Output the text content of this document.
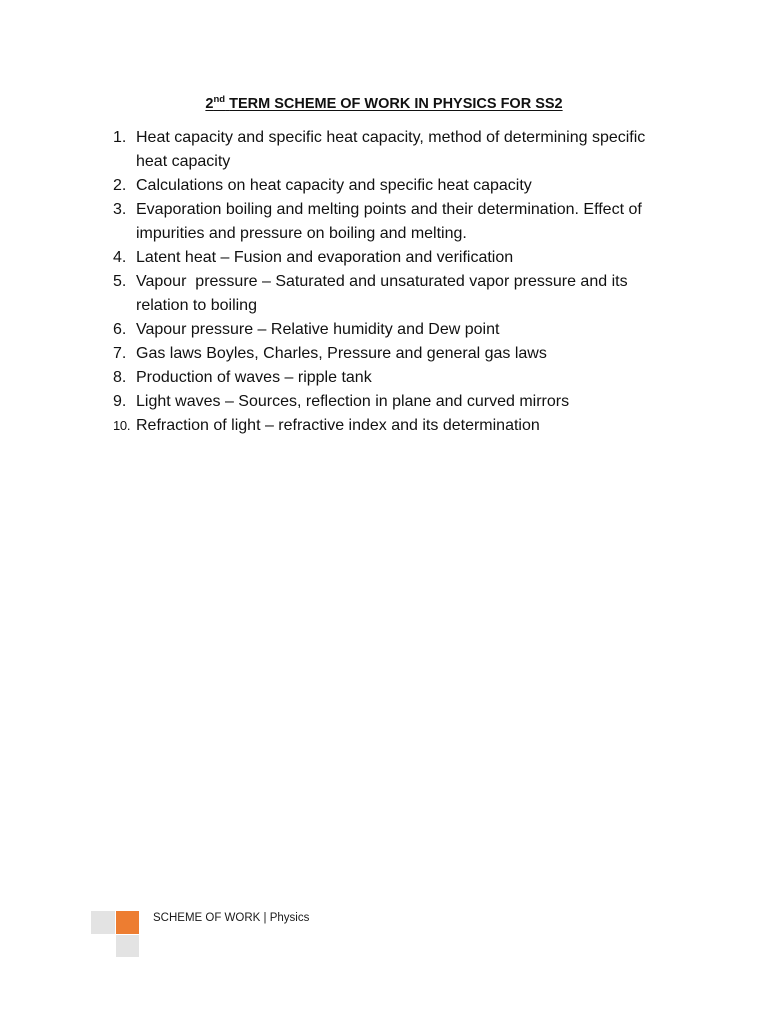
2nd TERM SCHEME OF WORK IN PHYSICS FOR SS2
1. Heat capacity and specific heat capacity, method of determining specific heat capacity
2. Calculations on heat capacity and specific heat capacity
3. Evaporation boiling and melting points and their determination. Effect of impurities and pressure on boiling and melting.
4. Latent heat – Fusion and evaporation and verification
5. Vapour  pressure – Saturated and unsaturated vapor pressure and its relation to boiling
6. Vapour pressure – Relative humidity and Dew point
7. Gas laws Boyles, Charles, Pressure and general gas laws
8. Production of waves – ripple tank
9. Light waves – Sources, reflection in plane and curved mirrors
10. Refraction of light – refractive index and its determination
SCHEME OF WORK | Physics
